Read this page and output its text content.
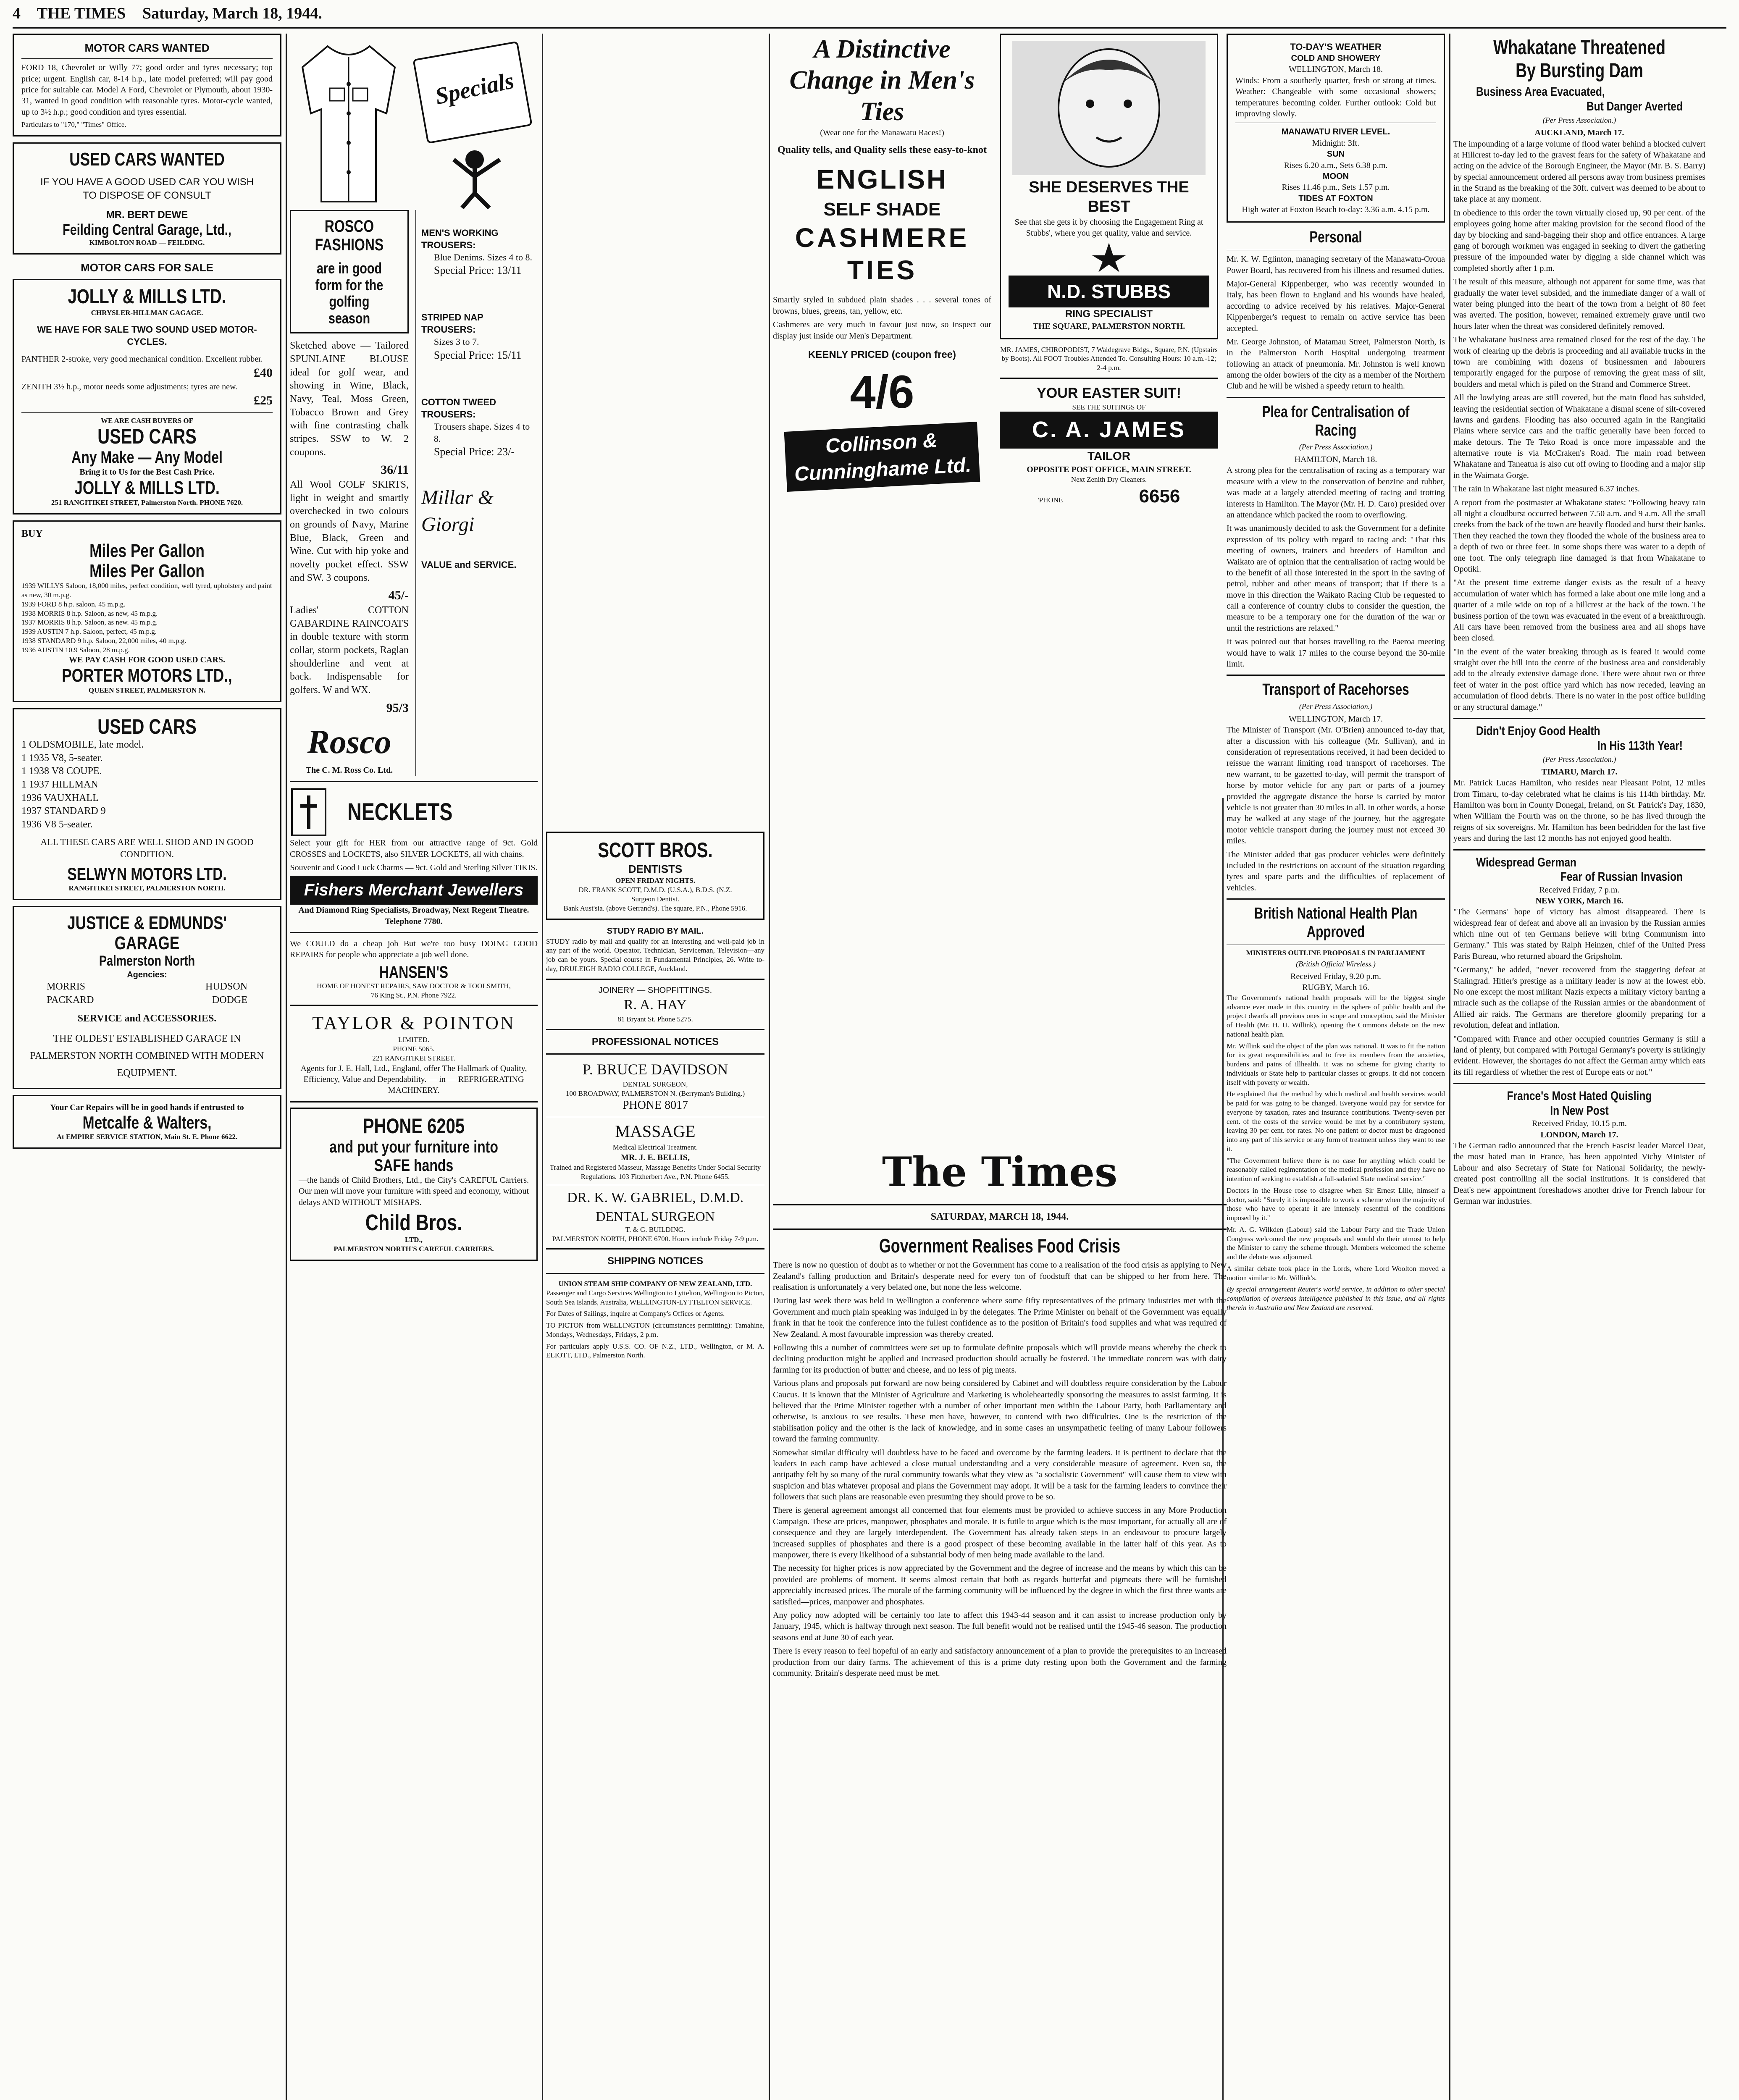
4 THE TIMES Saturday, March 18, 1944.
MOTOR CARS WANTED

FORD 18, Chevrolet or Willy 77; good order and tyres necessary; top price; urgent. English car, 8-14 h.p., late model preferred; will pay good price for suitable car. Model A Ford, Chevrolet or Plymouth, about 1930-31, wanted in good condition with reasonable tyres. Motor-cycle wanted, up to 3½ h.p.; good condition and tyres essential.

Particulars to "170," "Times" Office.
USED CARS WANTED
IF YOU HAVE A GOOD USED CAR YOU WISH TO DISPOSE OF CONSULT
MR. BERT DEWE
Feilding Central Garage, Ltd.,
KIMBOLTON ROAD — FEILDING.
MOTOR CARS FOR SALE
JOLLY & MILLS LTD.
CHRYSLER-HILLMAN GAGAGE.
WE HAVE FOR SALE TWO SOUND USED MOTOR-CYCLES.
PANTHER 2-stroke, very good mechanical condition. Excellent rubber.
£40
ZENITH 3½ h.p., motor needs some adjustments; tyres are new.
£25
WE ARE CASH BUYERS OF
USED CARS
Any Make — Any Model
Bring it to Us for the Best Cash Price.
JOLLY & MILLS LTD.
251 RANGITIKEI STREET, Palmerston North. PHONE 7620.
BUY
Miles Per Gallon
Miles Per Gallon
1939 WILLYS Saloon, 18,000 miles, perfect condition, well tyred, upholstery and paint as new, 30 m.p.g.
1939 FORD 8 h.p. saloon, 45 m.p.g.
1938 MORRIS 8 h.p. Saloon, as new, 45 m.p.g.
1937 MORRIS 8 h.p. Saloon, as new. 45 m.p.g.
1939 AUSTIN 7 h.p. Saloon, perfect, 45 m.p.g.
1938 STANDARD 9 h.p. Saloon, 22,000 miles, 40 m.p.g.
1936 AUSTIN 10.9 Saloon, 28 m.p.g.
WE PAY CASH FOR GOOD USED CARS.
PORTER MOTORS LTD.,
QUEEN STREET, PALMERSTON N.
USED CARS
1 OLDSMOBILE, late model.
1 1935 V8, 5-seater.
1 1938 V8 COUPE.
1 1937 HILLMAN
1936 VAUXHALL
1937 STANDARD 9
1936 V8 5-seater.
ALL THESE CARS ARE WELL SHOD AND IN GOOD CONDITION.
SELWYN MOTORS LTD.
RANGITIKEI STREET, PALMERSTON NORTH.
JUSTICE & EDMUNDS' GARAGE
Palmerston North
Agencies:
MORRIS	HUDSON
PACKARD	DODGE
SERVICE and ACCESSORIES.
THE OLDEST ESTABLISHED GARAGE IN PALMERSTON NORTH COMBINED WITH MODERN EQUIPMENT.
Your Car Repairs will be in good hands if entrusted to
Metcalfe & Walters,
At EMPIRE SERVICE STATION, Main St. E. Phone 6622.
Specials
ROSCO FASHIONS
are in good form for the golfing season

Sketched above — Tailored SPUNLAINE BLOUSE ideal for golf wear, and showing in Wine, Black, Navy, Teal, Moss Green, Tobacco Brown and Grey with fine contrasting chalk stripes. SSW to W. 2 coupons.

36/11

All Wool GOLF SKIRTS, light in weight and smartly overchecked in two colours on grounds of Navy, Marine Blue, Black, Green and Wine. Cut with hip yoke and novelty pocket effect. SSW and SW. 3 coupons.

45/-

Ladies' COTTON GABARDINE RAINCOATS in double texture with storm collar, storm pockets, Raglan shoulderline and vent at back. Indispensable for golfers. W and WX.

95/3
Rosco
The C. M. Ross Co. Ltd.
MEN'S WORKING TROUSERS:
Blue Denims. Sizes 4 to 8.
Special Price: 13/11
STRIPED NAP TROUSERS:
Sizes 3 to 7.
Special Price: 15/11
COTTON TWEED TROUSERS:
Trousers shape. Sizes 4 to 8.
Special Price: 23/-
Millar & Giorgi
VALUE and SERVICE.
NECKLETS

Select your gift for HER from our attractive range of 9ct. Gold CROSSES and LOCKETS, also SILVER LOCKETS, all with chains.

Souvenir and Good Luck Charms — 9ct. Gold and Sterling Silver TIKIS.

Fishers Merchant Jewellers

And Diamond Ring Specialists, Broadway, Next Regent Theatre. Telephone 7780.

We COULD do a cheap job But we're too busy DOING GOOD REPAIRS for people who appreciate a job well done.

HANSEN'S
HOME OF HONEST REPAIRS, SAW DOCTOR & TOOLSMITH,
76 King St., P.N. Phone 7922.
TAYLOR & POINTON
LIMITED.
PHONE 5065.
221 RANGITIKEI STREET.
Agents for J. E. Hall, Ltd., England, offer The Hallmark of Quality, Efficiency, Value and Dependability. — in — REFRIGERATING MACHINERY.
PHONE 6205
and put your furniture into SAFE hands

—the hands of Child Brothers, Ltd., the City's CAREFUL Carriers. Our men will move your furniture with speed and economy, without delays AND WITHOUT MISHAPS.

Child Bros.
LTD.,
PALMERSTON NORTH'S CAREFUL CARRIERS.
SCOTT BROS.
DENTISTS
OPEN FRIDAY NIGHTS.
DR. FRANK SCOTT, D.M.D. (U.S.A.), B.D.S. (N.Z.
Surgeon Dentist.
Bank Aust'sia. (above Gerrand's). The square, P.N., Phone 5916.
STUDY RADIO BY MAIL.

STUDY radio by mail and qualify for an interesting and well-paid job in any part of the world. Operator, Technician, Serviceman, Television—any job can be yours. Special course in Fundamental Principles, 26. Write to-day, DRULEIGH RADIO COLLEGE, Auckland.

JOINERY — SHOPFITTINGS.
R. A. HAY
81 Bryant St. Phone 5275.
PROFESSIONAL NOTICES
P. BRUCE DAVIDSON
DENTAL SURGEON,
100 BROADWAY, PALMERSTON N. (Berryman's Building.)
PHONE 8017
MASSAGE
Medical Electrical Treatment.
MR. J. E. BELLIS,
Trained and Registered Masseur, Massage Benefits Under Social Security Regulations. 103 Fitzherbert Ave., P.N. Phone 6455.
DR. K. W. GABRIEL, D.M.D.
DENTAL SURGEON
T. & G. BUILDING.
PALMERSTON NORTH, PHONE 6700. Hours include Friday 7-9 p.m.
SHIPPING NOTICES
UNION STEAM SHIP COMPANY OF NEW ZEALAND, LTD.

Passenger and Cargo Services Wellington to Lyttelton, Wellington to Picton, South Sea Islands, Australia, WELLINGTON-LYTTELTON SERVICE.

For Dates of Sailings, inquire at Company's Offices or Agents.

TO PICTON from WELLINGTON (circumstances permitting): Tamahine, Mondays, Wednesdays, Fridays, 2 p.m.

For particulars apply U.S.S. CO. OF N.Z., LTD., Wellington, or M. A. ELIOTT, LTD., Palmerston North.

A Distinctive Change in Men's Ties
(Wear one for the Manawatu Races!)
Quality tells, and Quality sells these easy-to-knot
ENGLISH
SELF SHADE
CASHMERE TIES

Smartly styled in subdued plain shades . . . several tones of browns, blues, greens, tan, yellow, etc.

Cashmeres are very much in favour just now, so inspect our display just inside our Men's Department.

KEENLY PRICED (coupon free)
4/6
Collinson & Cunninghame Ltd.
SHE DESERVES THE BEST
See that she gets it by choosing the Engagement Ring at Stubbs', where you get quality, value and service.
N.D. STUBBS
RING SPECIALIST
THE SQUARE, PALMERSTON NORTH.
MR. JAMES, CHIROPODIST, 7 Waldegrave Bldgs., Square, P.N. (Upstairs by Boots). All FOOT Troubles Attended To. Consulting Hours: 10 a.m.-12; 2-4 p.m.
YOUR EASTER SUIT!
SEE THE SUITINGS OF
C. A. JAMES
TAILOR
OPPOSITE POST OFFICE, MAIN STREET.
Next Zenith Dry Cleaners.
'PHONE	6656
The Times
SATURDAY, MARCH 18, 1944.
Government Realises Food Crisis

There is now no question of doubt as to whether or not the Government has come to a realisation of the food crisis as applying to New Zealand's falling production and Britain's desperate need for every ton of foodstuff that can be shipped to her from here. The realisation is unfortunately a very belated one, but none the less welcome.

During last week there was held in Wellington a conference where some fifty representatives of the primary industries met with the Government and much plain speaking was indulged in by the delegates. The Prime Minister on behalf of the Government was equally frank in that he took the conference into the fullest confidence as to the position of Britain's food supplies and what was required of New Zealand. A most favourable impression was thereby created.

Following this a number of committees were set up to formulate definite proposals which will provide means whereby the check to declining production might be applied and increased production should actually be fostered. The immediate concern was with dairy farming for its production of butter and cheese, and no less of pig meats.

Various plans and proposals put forward are now being considered by Cabinet and will doubtless require consideration by the Labour Caucus. It is known that the Minister of Agriculture and Marketing is wholeheartedly sponsoring the measures to assist farming. It is believed that the Prime Minister together with a number of other important men within the Labour Party, both Parliamentary and otherwise, is anxious to see results. These men have, however, to contend with two difficulties. One is the restriction of the stabilisation policy and the other is the lack of knowledge, and in some cases an unsympathetic feeling of many Labour followers toward the farming community.

Somewhat similar difficulty will doubtless have to be faced and overcome by the farming leaders. It is pertinent to declare that the leaders in each camp have achieved a close mutual understanding and a very considerable measure of agreement. Even so, the antipathy felt by so many of the rural community towards what they view as "a socialistic Government" will cause them to view with suspicion and bias whatever proposal and plans the Government may adopt. It will be a task for the farming leaders to convince their followers that such plans are reasonable even presuming they should prove to be so.

There is general agreement amongst all concerned that four elements must be provided to achieve success in any More Production Campaign. These are prices, manpower, phosphates and morale. It is futile to argue which is the most important, for actually all are of consequence and they are largely interdependent. The Government has already taken steps in an endeavour to procure largely increased supplies of phosphates and there is a good prospect of these becoming available in the latter half of this year. As to manpower, there is every likelihood of a substantial body of men being made available to the land.

The necessity for higher prices is now appreciated by the Government and the degree of increase and the means by which this can be provided are problems of moment. It seems almost certain that both as regards butterfat and pigmeats there will be furnished appreciably increased prices. The morale of the farming community will be influenced by the degree in which the first three wants are satisfied—prices, manpower and phosphates.

Any policy now adopted will be certainly too late to affect this 1943-44 season and it can assist to increase production only by January, 1945, which is halfway through next season. The full benefit would not be realised until the 1945-46 season. The production seasons end at June 30 of each year.

There is every reason to feel hopeful of an early and satisfactory announcement of a plan to provide the prerequisites to an increased production from our dairy farms. The achievement of this is a prime duty resting upon both the Government and the farming community. Britain's desperate need must be met.

TO-DAY'S WEATHER
COLD AND SHOWERY
WELLINGTON, March 18.

Winds: From a southerly quarter, fresh or strong at times. Weather: Changeable with some occasional showers; temperatures becoming colder. Further outlook: Cold but improving slowly.

MANAWATU RIVER LEVEL.
Midnight: 3ft.
SUN
Rises 6.20 a.m., Sets 6.38 p.m.
MOON
Rises 11.46 p.m., Sets 1.57 p.m.
TIDES AT FOXTON
High water at Foxton Beach to-day: 3.36 a.m. 4.15 p.m.
Personal

Mr. K. W. Eglinton, managing secretary of the Manawatu-Oroua Power Board, has recovered from his illness and resumed duties.

Major-General Kippenberger, who was recently wounded in Italy, has been flown to England and his wounds have healed, according to advice received by his relatives. Major-General Kippenberger's request to remain on active service has been accepted.

Mr. George Johnston, of Matamau Street, Palmerston North, is in the Palmerston North Hospital undergoing treatment following an attack of pneumonia. Mr. Johnston is well known among the older bowlers of the city as a member of the Northern Club and he will be wished a speedy return to health.

Plea for Centralisation of Racing
(Per Press Association.)
HAMILTON, March 18.

A strong plea for the centralisation of racing as a temporary war measure with a view to the conservation of benzine and rubber, was made at a largely attended meeting of racing and trotting interests in Hamilton. The Mayor (Mr. H. D. Caro) presided over an attendance which packed the room to overflowing.

It was unanimously decided to ask the Government for a definite expression of its policy with regard to racing and: "That this meeting of owners, trainers and breeders of Hamilton and Waikato are of opinion that the centralisation of racing would be to the benefit of all those interested in the sport in the saving of petrol, rubber and other means of transport; that if there is a move in this direction the Waikato Racing Club be requested to call a conference of country clubs to consider the question, the measure to be a temporary one for the duration of the war or until the restrictions are relaxed."

It was pointed out that horses travelling to the Paeroa meeting would have to walk 17 miles to the course beyond the 30-mile limit.

Transport of Racehorses
(Per Press Association.)
WELLINGTON, March 17.

The Minister of Transport (Mr. O'Brien) announced to-day that, after a discussion with his colleague (Mr. Sullivan), and in consideration of representations received, it had been decided to reissue the warrant limiting road transport of racehorses. The new warrant, to be gazetted to-day, will permit the transport of horse by motor vehicle for any part or parts of a journey provided the aggregate distance the horse is carried by motor vehicle is not greater than 30 miles in all. In other words, a horse may be walked at any stage of the journey, but the aggregate motor vehicle transport during the journey must not exceed 30 miles.

The Minister added that gas producer vehicles were definitely included in the restrictions on account of the situation regarding tyres and spare parts and the difficulties of replacement of vehicles.

British National Health Plan Approved
MINISTERS OUTLINE PROPOSALS IN PARLIAMENT
(British Official Wireless.)
Received Friday, 9.20 p.m.
RUGBY, March 16.

The Government's national health proposals will be the biggest single advance ever made in this country in the sphere of public health and the project dwarfs all previous ones in scope and conception, said the Minister of Health (Mr. H. U. Willink), opening the Commons debate on the new national health plan.

Mr. Willink said the object of the plan was national. It was to fit the nation for its great responsibilities and to free its members from the anxieties, burdens and pains of illhealth. It was no scheme for giving charity to individuals or State help to particular classes or groups. It did not concern itself with poverty or wealth.

He explained that the method by which medical and health services would be paid for was going to be changed. Everyone would pay for service for everyone by taxation, rates and insurance contributions. Twenty-seven per cent. of the costs of the service would be met by a contributory system, leaving 30 per cent. for rates. No one patient or doctor must be dragooned into any part of this service or any form of treatment unless they want to use it.

"The Government believe there is no case for anything which could be reasonably called regimentation of the medical profession and they have no intention of seeking to establish a full-salaried State medical service."

Doctors in the House rose to disagree when Sir Ernest Lille, himself a doctor, said: "Surely it is impossible to work a scheme when the majority of those who have to operate it are intensely resentful of the conditions imposed by it."

Mr. A. G. Wilkden (Labour) said the Labour Party and the Trade Union Congress welcomed the new proposals and would do their utmost to help the Minister to carry the scheme through. Members welcomed the scheme and the debate was adjourned.

A similar debate took place in the Lords, where Lord Woolton moved a motion similar to Mr. Willink's.

By special arrangement Reuter's world service, in addition to other special compilation of overseas intelligence published in this issue, and all rights therein in Australia and New Zealand are reserved.

Whakatane Threatened By Bursting Dam
Business Area Evacuated,
But Danger Averted
(Per Press Association.)
AUCKLAND, March 17.

The impounding of a large volume of flood water behind a blocked culvert at Hillcrest to-day led to the gravest fears for the safety of Whakatane and acting on the advice of the Borough Engineer, the Mayor (Mr. B. S. Barry) by special announcement ordered all persons away from business premises in the Strand as the breaking of the 30ft. culvert was deemed to be about to take place at any moment.

In obedience to this order the town virtually closed up, 90 per cent. of the employees going home after making provision for the second flood of the day by blocking and sand-bagging their shop and office entrances. A large gang of borough workmen was engaged in seeking to divert the gathering pressure of the impounded water by digging a side channel which was completed shortly after 1 p.m.

The result of this measure, although not apparent for some time, was that gradually the water level subsided, and the immediate danger of a wall of water being plunged into the heart of the town from a height of 80 feet was averted. The position, however, remained extremely grave until two hours later when the threat was considered definitely removed.

The Whakatane business area remained closed for the rest of the day. The work of clearing up the debris is proceeding and all available trucks in the town are combining with dozens of businessmen and labourers temporarily engaged for the purpose of removing the great mass of silt, boulders and metal which is piled on the Strand and Commerce Street.

All the lowlying areas are still covered, but the main flood has subsided, leaving the residential section of Whakatane a dismal scene of silt-covered lawns and gardens. Flooding has also occurred again in the Rangitaiki Plains where service cars and the traffic generally have been forced to make detours. The Te Teko Road is once more impassable and the alternative route is via McCraken's Road. The main road between Whakatane and Taneatua is also cut off owing to flooding and a major slip in the Waimata Gorge.

The rain in Whakatane last night measured 6.37 inches.

A report from the postmaster at Whakatane states: "Following heavy rain all night a cloudburst occurred between 7.50 a.m. and 9 a.m. All the small creeks from the back of the town are heavily flooded and burst their banks. Then they reached the town they flooded the whole of the business area to a depth of two or three feet. In some shops there was water to a depth of one foot. The only telegraph line damaged is that from Whakatane to Opotiki.

"At the present time extreme danger exists as the result of a heavy accumulation of water which has formed a lake about one mile long and a quarter of a mile wide on top of a hillcrest at the back of the town. The business portion of the town was evacuated in the event of a breakthrough. All cars have been removed from the business area and all shops have been closed.

"In the event of the water breaking through as is feared it would come straight over the hill into the centre of the business area and considerably add to the already extensive damage done. There were about two or three feet of water in the post office yard which has now receded, leaving an accumulation of flood debris. There is no water in the post office building or any structural damage."

Didn't Enjoy Good Health
In His 113th Year!
(Per Press Association.)
TIMARU, March 17.

Mr. Patrick Lucas Hamilton, who resides near Pleasant Point, 12 miles from Timaru, to-day celebrated what he claims is his 114th birthday. Mr. Hamilton was born in County Donegal, Ireland, on St. Patrick's Day, 1830, when William the Fourth was on the throne, so he has lived through the reigns of six sovereigns. Mr. Hamilton has been bedridden for the last five years and during the last 12 months has not enjoyed good health.

Widespread German
Fear of Russian Invasion
Received Friday, 7 p.m.
NEW YORK, March 16.

"The Germans' hope of victory has almost disappeared. There is widespread fear of defeat and above all an invasion by the Russian armies which nine out of ten Germans believe will bring Communism into Germany." This was stated by Ralph Heinzen, chief of the United Press Paris Bureau, who returned aboard the Gripsholm.

"Germany," he added, "never recovered from the staggering defeat at Stalingrad. Hitler's prestige as a military leader is now at the lowest ebb. No one except the most militant Nazis expects a military victory barring a miracle such as the collapse of the Russian armies or the abandonment of Allied air raids. The Germans are therefore gloomily preparing for a revolution, defeat and inflation.

"Compared with France and other occupied countries Germany is still a land of plenty, but compared with Portugal Germany's poverty is strikingly evident. However, the shortages do not affect the German army which eats its fill regardless of whether the rest of Europe eats or not."

France's Most Hated Quisling
In New Post
Received Friday, 10.15 p.m.
LONDON, March 17.

The German radio announced that the French Fascist leader Marcel Deat, the most hated man in France, has been appointed Vichy Minister of Labour and also Secretary of State for National Solidarity, the newly-created post controlling all the social institutions. It is considered that Deat's new appointment foreshadows another drive for French labour for German war industries.
